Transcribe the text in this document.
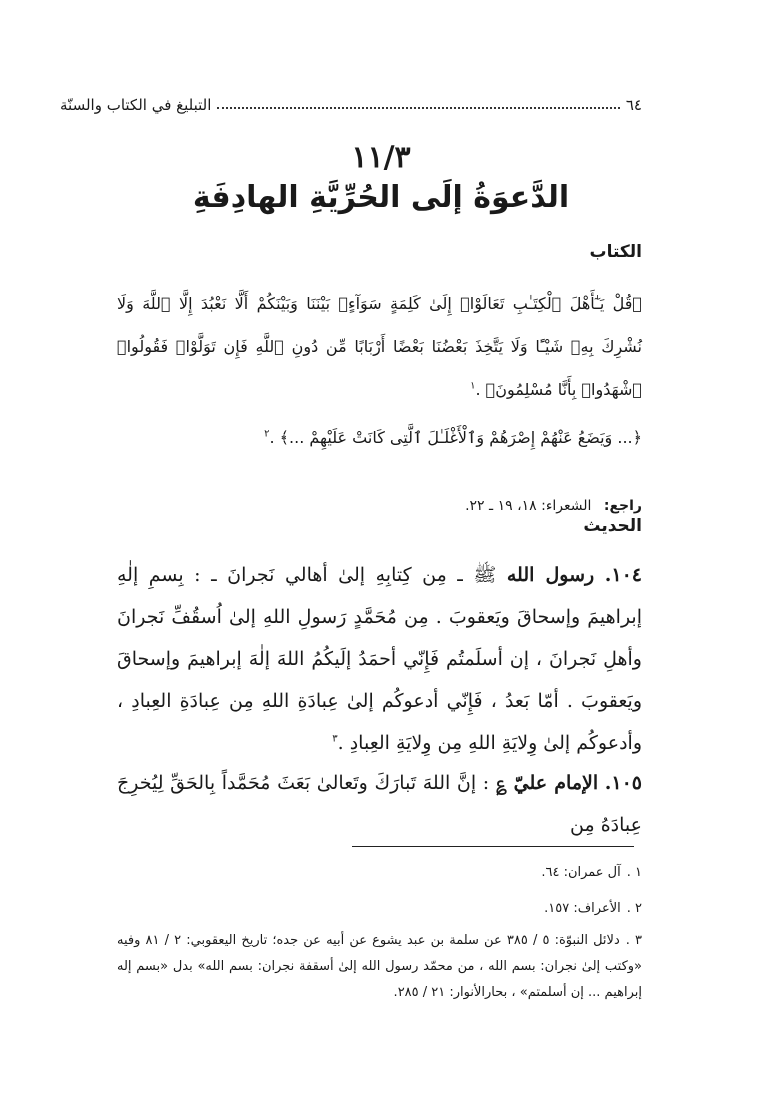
٦٤
التبليغ في الكتاب والسنّة
١١/٣
الدَّعوَةُ إلَى الحُرِّيَّةِ الهادِفَةِ
الكتاب
﴿قُلْ يَـٰٓأَهْلَ ٱلْكِتَـٰبِ تَعَالَوْا۟ إِلَىٰ كَلِمَةٍ سَوَآءٍۭ بَيْنَنَا وَبَيْنَكُمْ أَلَّا نَعْبُدَ إِلَّا ٱللَّهَ وَلَا نُشْرِكَ بِهِۦ شَيْـًٔا وَلَا يَتَّخِذَ بَعْضُنَا بَعْضًا أَرْبَابًا مِّن دُونِ ٱللَّهِ فَإِن تَوَلَّوْا۟ فَقُولُوا۟ ٱشْهَدُوا۟ بِأَنَّا مُسْلِمُونَ﴾ .$^١$
﴿... وَيَضَعُ عَنْهُمْ إِصْرَهُمْ وَٱلْأَغْلَـٰلَ ٱلَّتِى كَانَتْ عَلَيْهِمْ ...﴾ .$^٢$
راجع: الشعراء: ١٨، ١٩ ـ ٢٢.
الحديث
١٠٤. رسول الله ﷺ ـ مِن كِتابِهِ إلىٰ أهالي نَجرانَ ـ : بِسمِ إلٰهِ إبراهيمَ وإسحاقَ ويَعقوبَ . مِن مُحَمَّدٍ رَسولِ اللهِ إلىٰ اُسقُفِّ نَجرانَ وأهلِ نَجرانَ ، إن أسلَمتُم فَإِنّي أحمَدُ إلَيكُمُ اللهَ إلٰهَ إبراهيمَ وإسحاقَ ويَعقوبَ . أمّا بَعدُ ، فَإِنّي أدعوكُم إلىٰ عِبادَةِ اللهِ مِن عِبادَةِ العِبادِ ، وأدعوكُم إلىٰ وِلايَةِ اللهِ مِن وِلايَةِ العِبادِ .$^٣$
١٠٥. الإمام عليّ ؏ : إنَّ اللهَ تَبارَكَ وتَعالىٰ بَعَثَ مُحَمَّداً بِالحَقِّ لِيُخرِجَ عِبادَهُ مِن
١ .آل عمران: ٦٤.
٢ .الأعراف: ١٥٧.
٣ .دلائل النبوّة: ٥ / ٣٨٥ عن سلمة بن عبد يشوع عن أبيه عن جده؛ تاريخ اليعقوبي: ٢ / ٨١ وفيه «وكتب إلىٰ نجران: بسم الله ، من محمّد رسول الله إلىٰ أسقفة نجران: بسم الله» بدل «بسم إله إبراهيم ... إن أسلمتم» ، بحارالأنوار: ٢١ / ٢٨٥.
